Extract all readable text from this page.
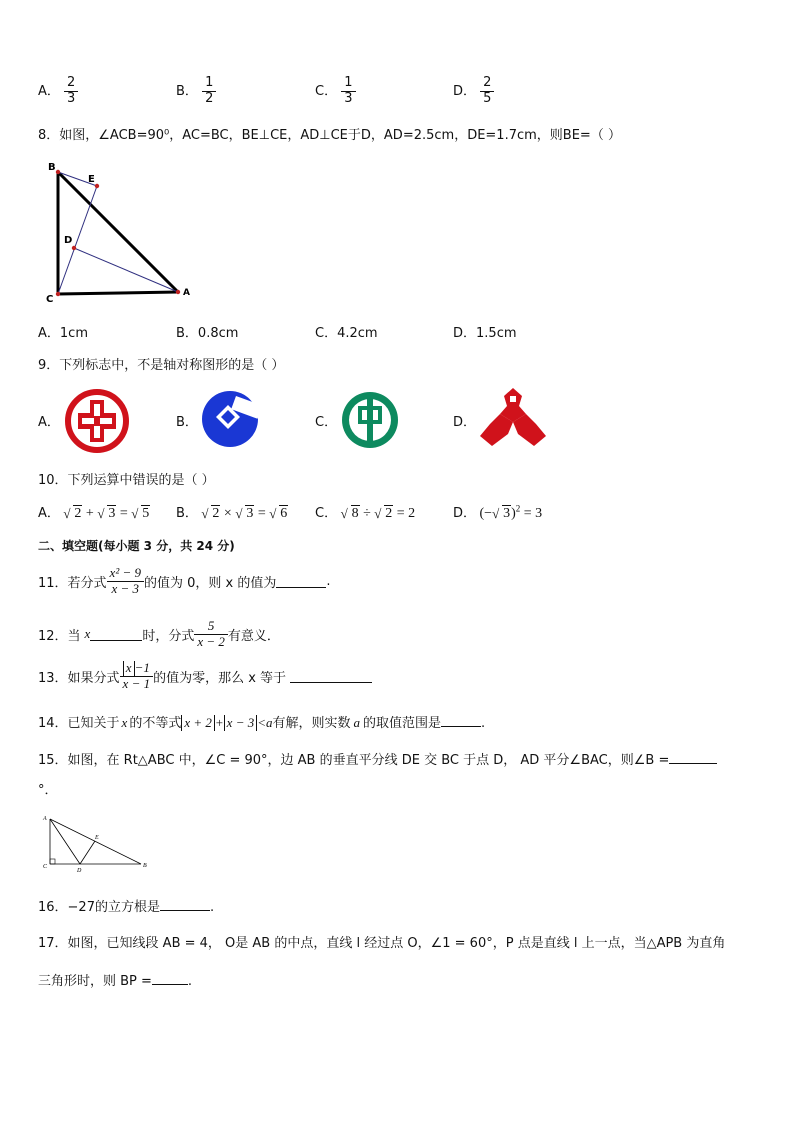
A． $\frac{2}{3}$	B． $\frac{1}{2}$	C． $\frac{1}{3}$	D． $\frac{2}{5}$
8．如图，∠ACB=90⁰，AC=BC，BE⊥CE，AD⊥CE于D，AD=2.5cm，DE=1.7cm，则BE=（ ）
B
E
D
C
A
A．1cm	B．0.8cm	C．4.2cm	D．1.5cm
9．下列标志中，不是轴对称图形的是（ ）
A．	B．	C．	D．
10．下列运算中错误的是（ ）
A． √ 2 + √ 3 = √ 5 B． √ 2 × √ 3 = √ 6 C． √ 8 ÷ √ 2 = 2	D． (− √ 3)$^2$ = 3
二、填空题(每小题 3 分，共 24 分)
11．若分式 $\frac{\text{x² − 9}}{x - 3}$ 的值为 0，则 x 的值为	.
12．当 x	时，分式 $\frac{5}{x - 2}$ 有意义．
13．如果分式 $\frac{x -1}{x - 1}$ 的值为零，那么 x 等于
14．已知关于 x 的不等式 x + 2 + x − 3 <a有解，则实数 a 的取值范围是	.
15．如图，在 Rt△ABC 中，∠C = 90°，边 AB 的垂直平分线 DE 交 BC 于点 D， AD 平分∠BAC，则∠B =
°．
A
B
C
D
E
16．−27的立方根是	.
17．如图，已知线段 AB = 4， O是 AB 的中点，直线 l 经过点 O，∠1 = 60°，P 点是直线 l 上一点，当△APB 为直角
三角形时，则 BP =	.
